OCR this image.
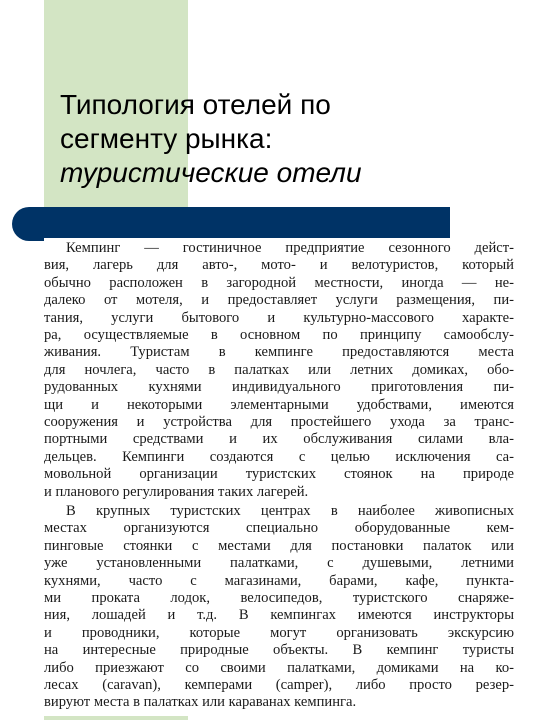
Типология отелей по
сегменту рынка:
туристические отели
Кемпинг — гостиничное предприятие сезонного дейст-
вия, лагерь для авто-, мото- и велотуристов, который
обычно расположен в загородной местности, иногда — не-
далеко от мотеля, и предоставляет услуги размещения, пи-
тания, услуги бытового и культурно-массового характе-
ра, осуществляемые в основном по принципу самообслу-
живания. Туристам в кемпинге предоставляются места
для ночлега, часто в палатках или летних домиках, обо-
рудованных кухнями индивидуального приготовления пи-
щи и некоторыми элементарными удобствами, имеются
сооружения и устройства для простейшего ухода за транс-
портными средствами и их обслуживания силами вла-
дельцев. Кемпинги создаются с целью исключения са-
мовольной организации туристских стоянок на природе
и планового регулирования таких лагерей.
В крупных туристских центрах в наиболее живописных
местах организуются специально оборудованные кем-
пинговые стоянки с местами для постановки палаток или
уже установленными палатками, с душевыми, летними
кухнями, часто с магазинами, барами, кафе, пункта-
ми проката лодок, велосипедов, туристского снаряже-
ния, лошадей и т.д. В кемпингах имеются инструкторы
и проводники, которые могут организовать экскурсию
на интересные природные объекты. В кемпинг туристы
либо приезжают со своими палатками, домиками на ко-
лесах (caravan), кемперами (camper), либо просто резер-
вируют места в палатках или караванах кемпинга.
